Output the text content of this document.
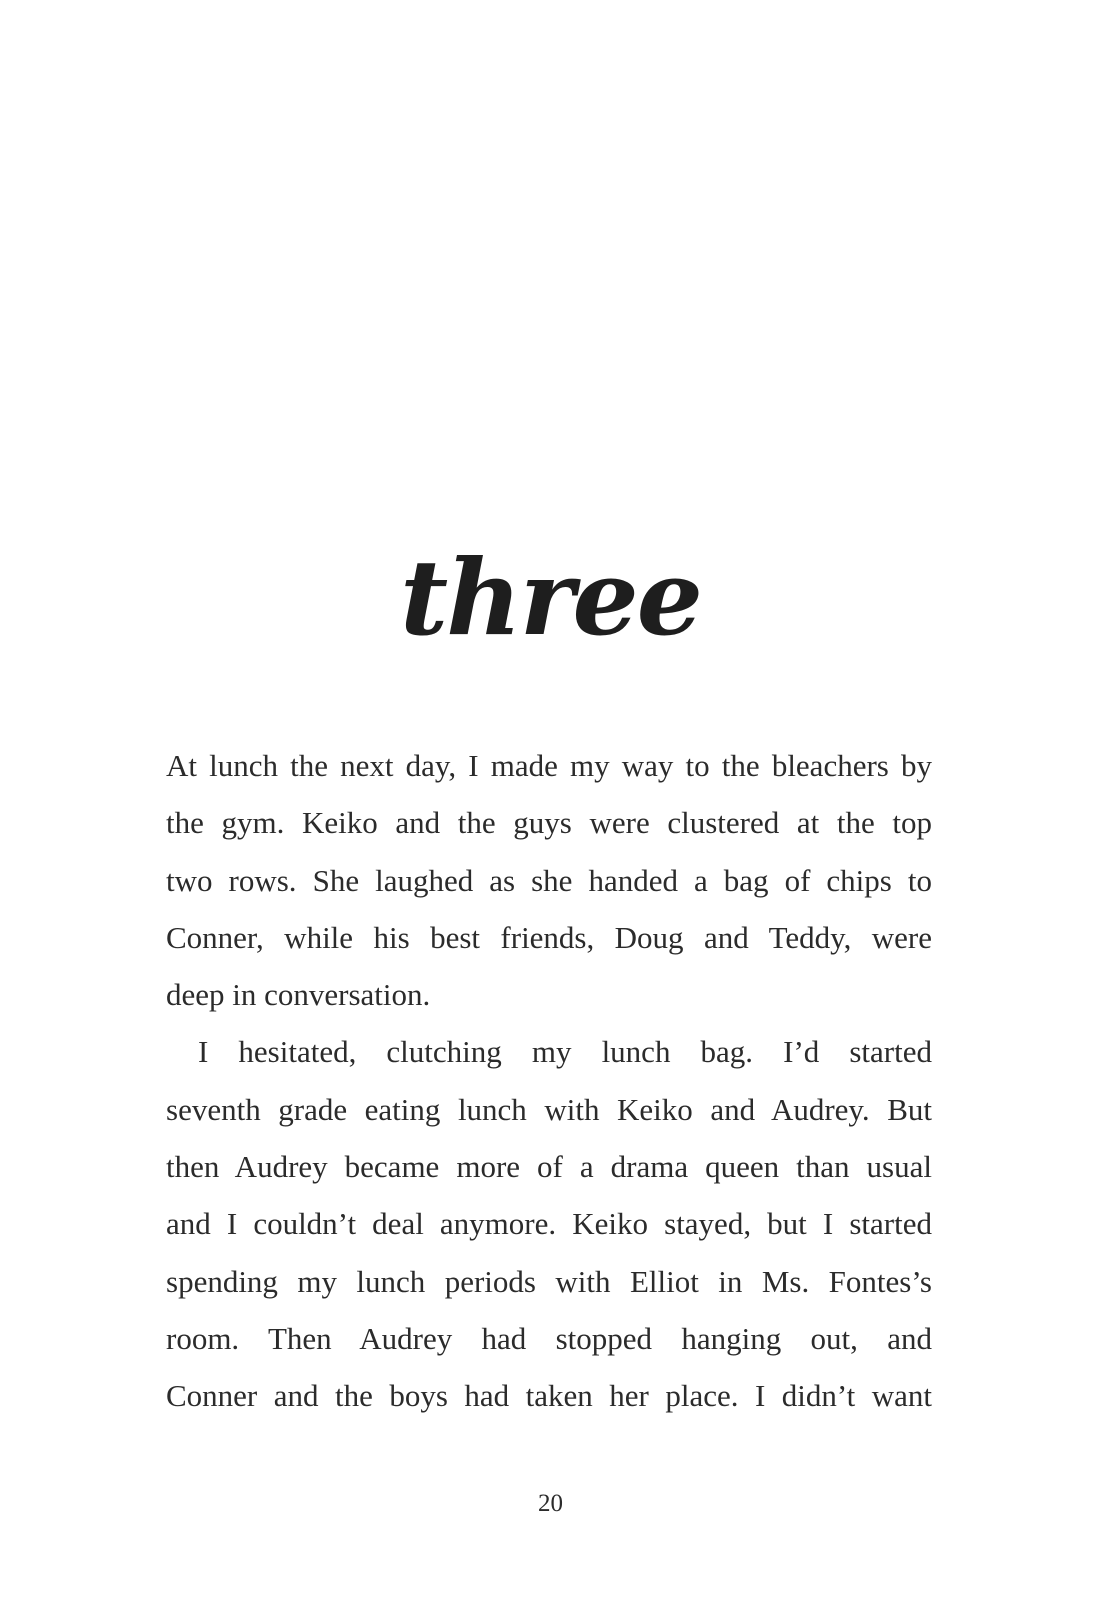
three
At lunch the next day, I made my way to the bleachers by
the gym. Keiko and the guys were clustered at the top
two rows. She laughed as she handed a bag of chips to
Conner, while his best friends, Doug and Teddy, were
deep in conversation.
I hesitated, clutching my lunch bag. I’d started
seventh grade eating lunch with Keiko and Audrey. But
then Audrey became more of a drama queen than usual
and I couldn’t deal anymore. Keiko stayed, but I started
spending my lunch periods with Elliot in Ms. Fontes’s
room. Then Audrey had stopped hanging out, and
Conner and the boys had taken her place. I didn’t want
20
